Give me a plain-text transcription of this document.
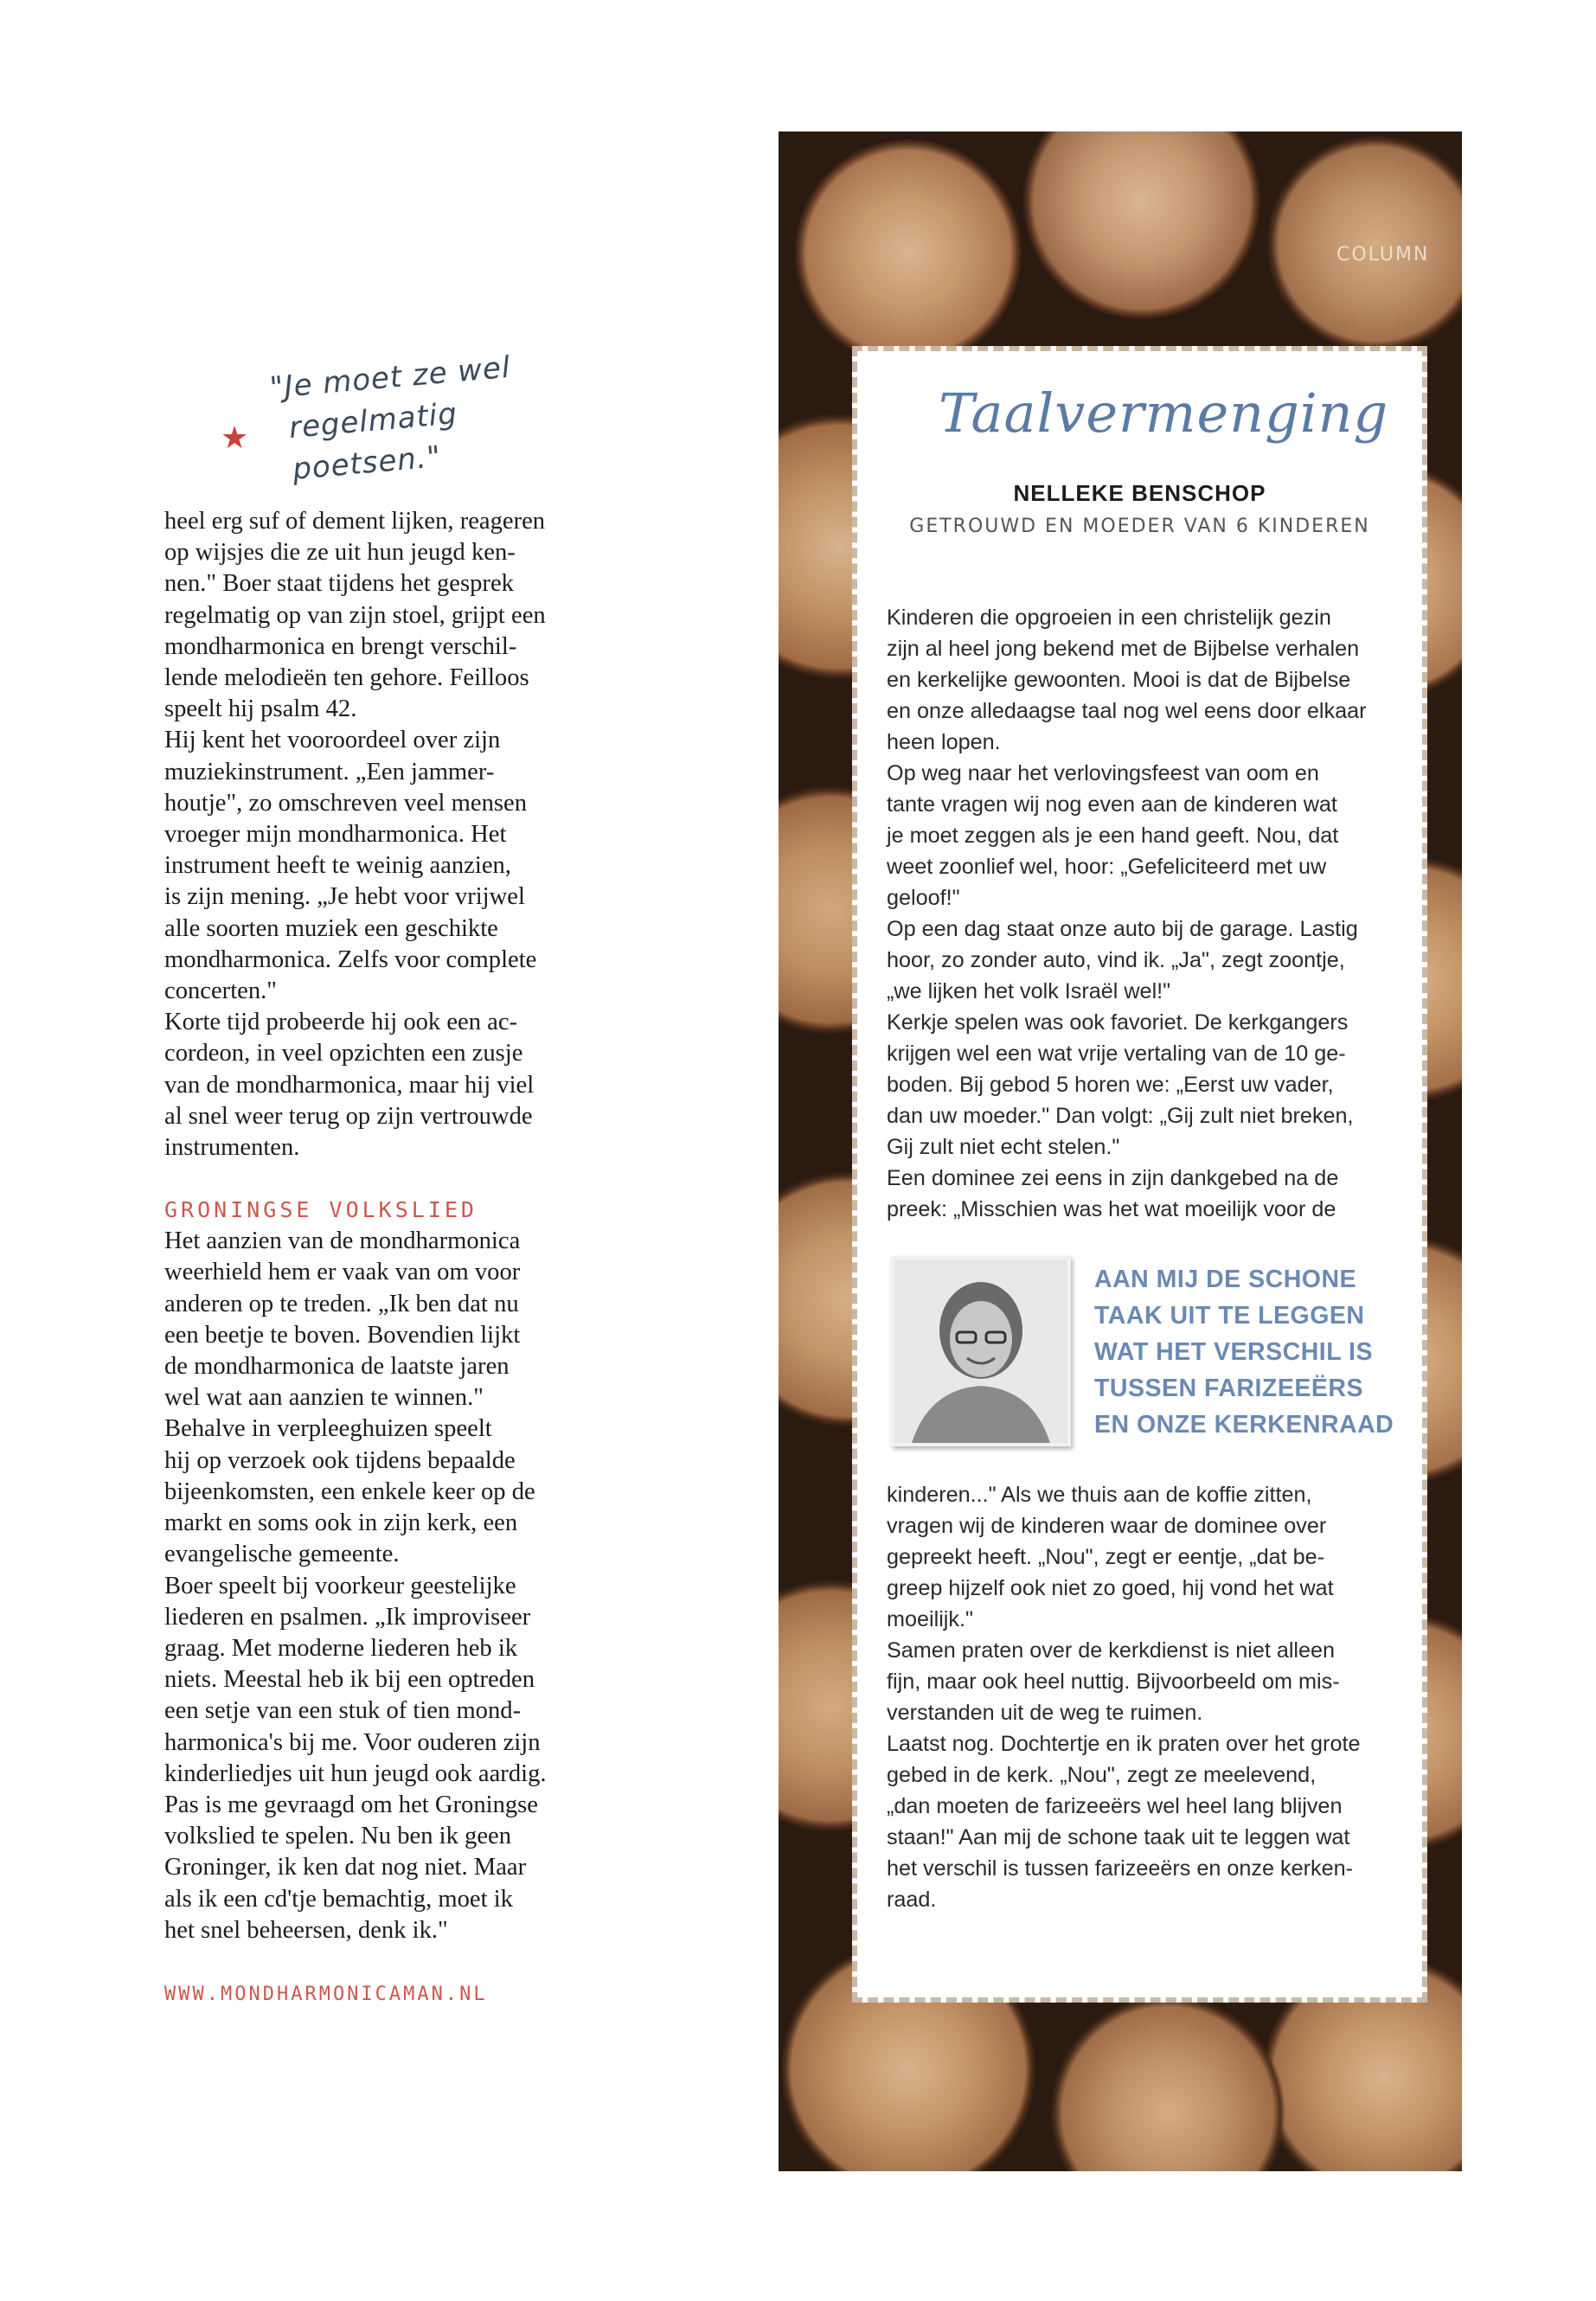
★
"Je moet ze wel
regelmatig poetsen."

heel erg suf of dement lijken, reageren
op wijsjes die ze uit hun jeugd ken-
nen." Boer staat tijdens het gesprek
regelmatig op van zijn stoel, grijpt een
mondharmonica en brengt verschil-
lende melodieën ten gehore. Feilloos
speelt hij psalm 42.

Hij kent het vooroordeel over zijn
muziekinstrument. „Een jammer-
houtje", zo omschreven veel mensen
vroeger mijn mondharmonica. Het
instrument heeft te weinig aanzien,
is zijn mening. „Je hebt voor vrijwel
alle soorten muziek een geschikte
mondharmonica. Zelfs voor complete
concerten."

Korte tijd probeerde hij ook een ac-
cordeon, in veel opzichten een zusje
van de mondharmonica, maar hij viel
al snel weer terug op zijn vertrouwde
instrumenten.

GRONINGSE VOLKSLIED

Het aanzien van de mondharmonica
weerhield hem er vaak van om voor
anderen op te treden. „Ik ben dat nu
een beetje te boven. Bovendien lijkt
de mondharmonica de laatste jaren
wel wat aan aanzien te winnen."

Behalve in verpleeghuizen speelt
hij op verzoek ook tijdens bepaalde
bijeenkomsten, een enkele keer op de
markt en soms ook in zijn kerk, een
evangelische gemeente.

Boer speelt bij voorkeur geestelijke
liederen en psalmen. „Ik improviseer
graag. Met moderne liederen heb ik
niets. Meestal heb ik bij een optreden
een setje van een stuk of tien mond-
harmonica's bij me. Voor ouderen zijn
kinderliedjes uit hun jeugd ook aardig.
Pas is me gevraagd om het Groningse
volkslied te spelen. Nu ben ik geen
Groninger, ik ken dat nog niet. Maar
als ik een cd'tje bemachtig, moet ik
het snel beheersen, denk ik."

WWW.MONDHARMONICAMAN.NL
COLUMN
Taalvermenging
NELLEKE BENSCHOP
GETROUWD EN MOEDER VAN 6 KINDEREN
Kinderen die opgroeien in een christelijk gezin
zijn al heel jong bekend met de Bijbelse verhalen
en kerkelijke gewoonten. Mooi is dat de Bijbelse
en onze alledaagse taal nog wel eens door elkaar
heen lopen.
Op weg naar het verlovingsfeest van oom en
tante vragen wij nog even aan de kinderen wat
je moet zeggen als je een hand geeft. Nou, dat
weet zoonlief wel, hoor: „Gefeliciteerd met uw
geloof!"
Op een dag staat onze auto bij de garage. Lastig
hoor, zo zonder auto, vind ik. „Ja", zegt zoontje,
„we lijken het volk Israël wel!"
Kerkje spelen was ook favoriet. De kerkgangers
krijgen wel een wat vrije vertaling van de 10 ge-
boden. Bij gebod 5 horen we: „Eerst uw vader,
dan uw moeder." Dan volgt: „Gij zult niet breken,
Gij zult niet echt stelen."
Een dominee zei eens in zijn dankgebed na de
preek: „Misschien was het wat moeilijk voor de
AAN MIJ DE SCHONE
TAAK UIT TE LEGGEN
WAT HET VERSCHIL IS
TUSSEN FARIZEEËRS
EN ONZE KERKENRAAD
kinderen..." Als we thuis aan de koffie zitten,
vragen wij de kinderen waar de dominee over
gepreekt heeft. „Nou", zegt er eentje, „dat be-
greep hijzelf ook niet zo goed, hij vond het wat
moeilijk."
Samen praten over de kerkdienst is niet alleen
fijn, maar ook heel nuttig. Bijvoorbeeld om mis-
verstanden uit de weg te ruimen.
Laatst nog. Dochtertje en ik praten over het grote
gebed in de kerk. „Nou", zegt ze meelevend,
„dan moeten de farizeeërs wel heel lang blijven
staan!" Aan mij de schone taak uit te leggen wat
het verschil is tussen farizeeërs en onze kerken-
raad.
